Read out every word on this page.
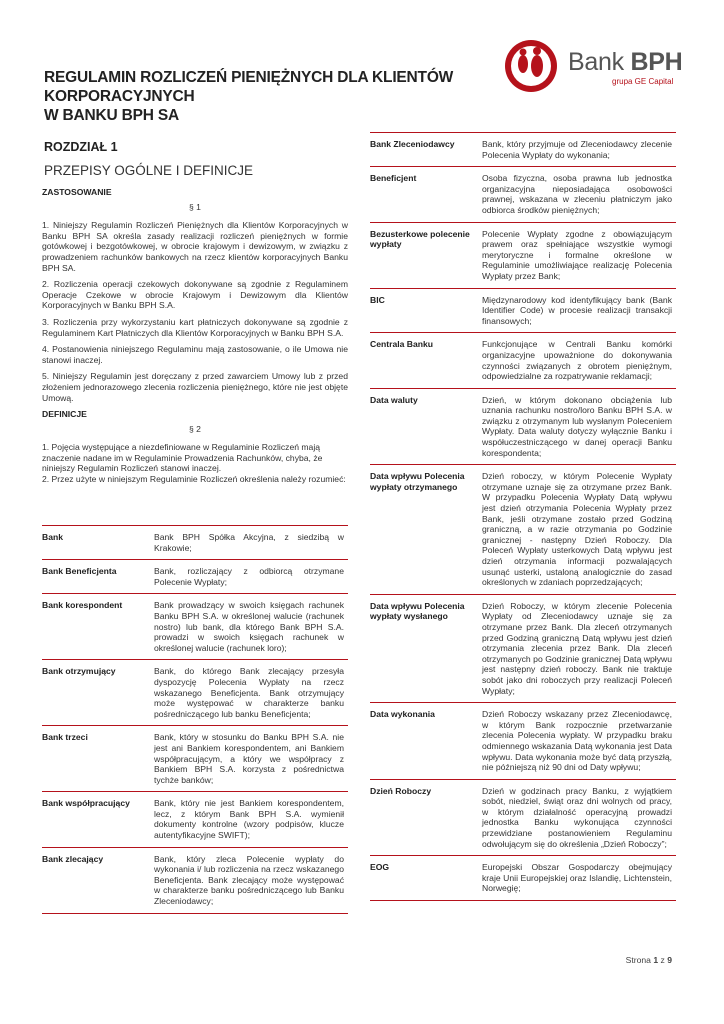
Bank BPH
grupa GE Capital
REGULAMIN ROZLICZEŃ PIENIĘŻNYCH DLA KLIENTÓW
KORPORACYJNYCH
W BANKU BPH SA
ROZDZIAŁ 1
PRZEPISY OGÓLNE I DEFINICJE
ZASTOSOWANIE
§ 1

1. Niniejszy Regulamin Rozliczeń Pieniężnych dla Klientów Korporacyjnych w Banku BPH SA określa zasady realizacji rozliczeń pieniężnych w formie gotówkowej i bezgotówkowej, w obrocie krajowym i dewizowym, w związku z prowadzeniem rachunków bankowych na rzecz klientów korporacyjnych Banku BPH SA.

2. Rozliczenia operacji czekowych dokonywane są zgodnie z Regulaminem Operacje Czekowe w obrocie Krajowym i Dewizowym dla Klientów Korporacyjnych w Banku BPH S.A.

3. Rozliczenia przy wykorzystaniu kart płatniczych dokonywane są zgodnie z Regulaminem Kart Płatniczych dla Klientów Korporacyjnych w Banku BPH S.A.

4. Postanowienia niniejszego Regulaminu mają zastosowanie, o ile Umowa nie stanowi inaczej.

5. Niniejszy Regulamin jest doręczany z przed zawarciem Umowy lub z przed złożeniem jednorazowego zlecenia rozliczenia pieniężnego, które nie jest objęte Umową.

DEFINICJE
§ 2

1. Pojęcia występujące a niezdefiniowane w Regulaminie Rozliczeń mają znaczenie nadane im w Regulaminie Prowadzenia Rachunków, chyba, że niniejszy Regulamin Rozliczeń stanowi inaczej.

2. Przez użyte w niniejszym Regulaminie Rozliczeń określenia należy rozumieć:

Bank	Bank BPH Spółka Akcyjna, z siedzibą w Krakowie;
Bank Beneficjenta	Bank, rozliczający z odbiorcą otrzymane Polecenie Wypłaty;
Bank korespondent	Bank prowadzący w swoich księgach rachunek Banku BPH S.A. w określonej walucie (rachunek nostro) lub bank, dla którego Bank BPH S.A. prowadzi w swoich księgach rachunek w określonej walucie (rachunek loro);
Bank otrzymujący	Bank, do którego Bank zlecający przesyła dyspozycję Polecenia Wypłaty na rzecz wskazanego Beneficjenta. Bank otrzymujący może występować w charakterze banku pośredniczącego lub banku Beneficjenta;
Bank trzeci	Bank, który w stosunku do Banku BPH S.A. nie jest ani Bankiem korespondentem, ani Bankiem współpracującym, a który we współpracy z Bankiem BPH S.A. korzysta z pośrednictwa tychże banków;
Bank współpracujący	Bank, który nie jest Bankiem korespondentem, lecz, z którym Bank BPH S.A. wymienił dokumenty kontrolne (wzory podpisów, klucze autentyfikacyjne SWIFT);
Bank zlecający	Bank, który zleca Polecenie wypłaty do wykonania i/ lub rozliczenia na rzecz wskazanego Beneficjenta. Bank zlecający może występować w charakterze banku pośredniczącego lub Banku Zleceniodawcy;
Bank Zleceniodawcy	Bank, który przyjmuje od Zleceniodawcy zlecenie Polecenia Wypłaty do wykonania;
Beneficjent	Osoba fizyczna, osoba prawna lub jednostka organizacyjna nieposiadająca osobowości prawnej, wskazana w zleceniu płatniczym jako odbiorca środków pieniężnych;
Bezusterkowe polecenie wypłaty	Polecenie Wypłaty zgodne z obowiązującym prawem oraz spełniające wszystkie wymogi merytoryczne i formalne określone w Regulaminie umożliwiające realizację Polecenia Wypłaty przez Bank;
BIC	Międzynarodowy kod identyfikujący bank (Bank Identifier Code) w procesie realizacji transakcji finansowych;
Centrala Banku	Funkcjonujące w Centrali Banku komórki organizacyjne upoważnione do dokonywania czynności związanych z obrotem pieniężnym, odpowiedzialne za rozpatrywanie reklamacji;
Data waluty	Dzień, w którym dokonano obciążenia lub uznania rachunku nostro/loro Banku BPH S.A. w związku z otrzymanym lub wysłanym Poleceniem Wypłaty. Data waluty dotyczy wyłącznie Banku i współuczestniczącego w danej operacji Banku korespondenta;
Data wpływu Polecenia wypłaty otrzymanego	Dzień roboczy, w którym Polecenie Wypłaty otrzymane uznaje się za otrzymane przez Bank. W przypadku Polecenia Wypłaty Datą wpływu jest dzień otrzymania Polecenia Wypłaty przez Bank, jeśli otrzymane zostało przed Godziną graniczną, a w razie otrzymania po Godzinie granicznej - następny Dzień Roboczy. Dla Poleceń Wypłaty usterkowych Datą wpływu jest dzień otrzymania informacji pozwalających usunąć usterki, ustaloną analogicznie do zasad określonych w zdaniach poprzedzających;
Data wpływu Polecenia wypłaty wysłanego	Dzień Roboczy, w którym zlecenie Polecenia Wypłaty od Zleceniodawcy uznaje się za otrzymane przez Bank. Dla zleceń otrzymanych przed Godziną graniczną Datą wpływu jest dzień otrzymania zlecenia przez Bank. Dla zleceń otrzymanych po Godzinie granicznej Datą wpływu jest następny dzień roboczy. Bank nie traktuje sobót jako dni roboczych przy realizacji Poleceń Wypłaty;
Data wykonania	Dzień Roboczy wskazany przez Zleceniodawcę, w którym Bank rozpocznie przetwarzanie zlecenia Polecenia wypłaty. W przypadku braku odmiennego wskazania Datą wykonania jest Data wpływu. Data wykonania może być datą przyszłą, nie późniejszą niż 90 dni od Daty wpływu;
Dzień Roboczy	Dzień w godzinach pracy Banku, z wyjątkiem sobót, niedziel, świąt oraz dni wolnych od pracy, w którym działalność operacyjną prowadzi jednostka Banku wykonująca czynności przewidziane postanowieniem Regulaminu odwołującym się do określenia „Dzień Roboczy”;
EOG	Europejski Obszar Gospodarczy obejmujący kraje Unii Europejskiej oraz Islandię, Lichtenstein, Norwegię;
Strona 1 z 9
